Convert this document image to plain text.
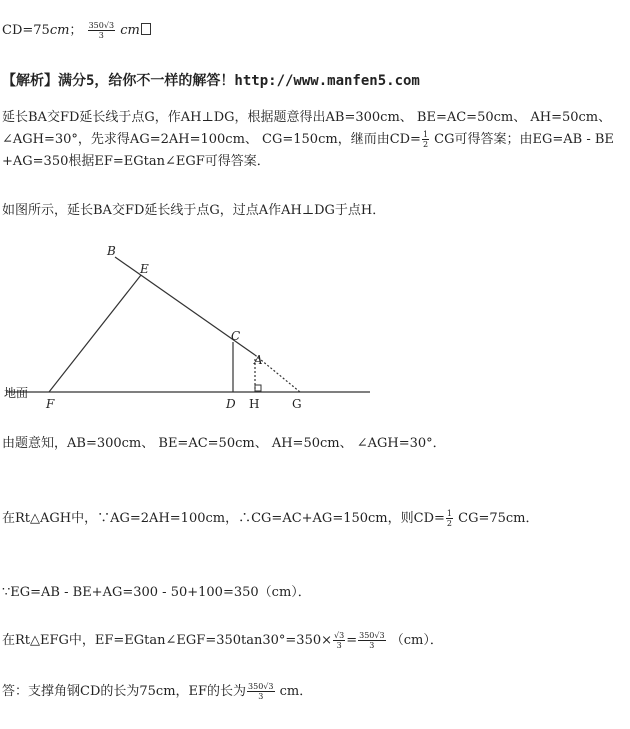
CD=75cm； $\frac{350√3}{3}$ cm
【解析】满分5，给你不一样的解答！http://www.manfen5.com
延长BA交FD延长线于点G，作AH⊥DG，根据题意得出AB=300cm、 BE=AC=50cm、 AH=50cm、
∠AGH=30°，先求得AG=2AH=100cm、 CG=150cm，继而由$CD= \frac{1}{2}$ CG可得答案；由EG=AB - BE
+AG=350根据EF=EGtan∠EGF可得答案．
如图所示，延长BA交FD延长线于点G，过点A作AH⊥DG于点H．
B
E
C
A
地面
F	D H	G
由题意知，AB=300cm、 BE=AC=50cm、 AH=50cm、 ∠AGH=30°．
在Rt△AGH中，∵AG=2AH=100cm，∴CG=AC+AG=150cm，则$CD= \frac{1}{2} CG=75cm$．
∵EG=AB - BE+AG=300 - 50+100=350（cm）．
在Rt△EFG中，EF=EGtan∠EGF=350tan30°=350× $\frac{√3}{3} = \frac{350√3}{3} (cm)$．
答：支撑角钢CD的长为75cm，EF的长为 $\frac{350√3}{3}$ cm．
